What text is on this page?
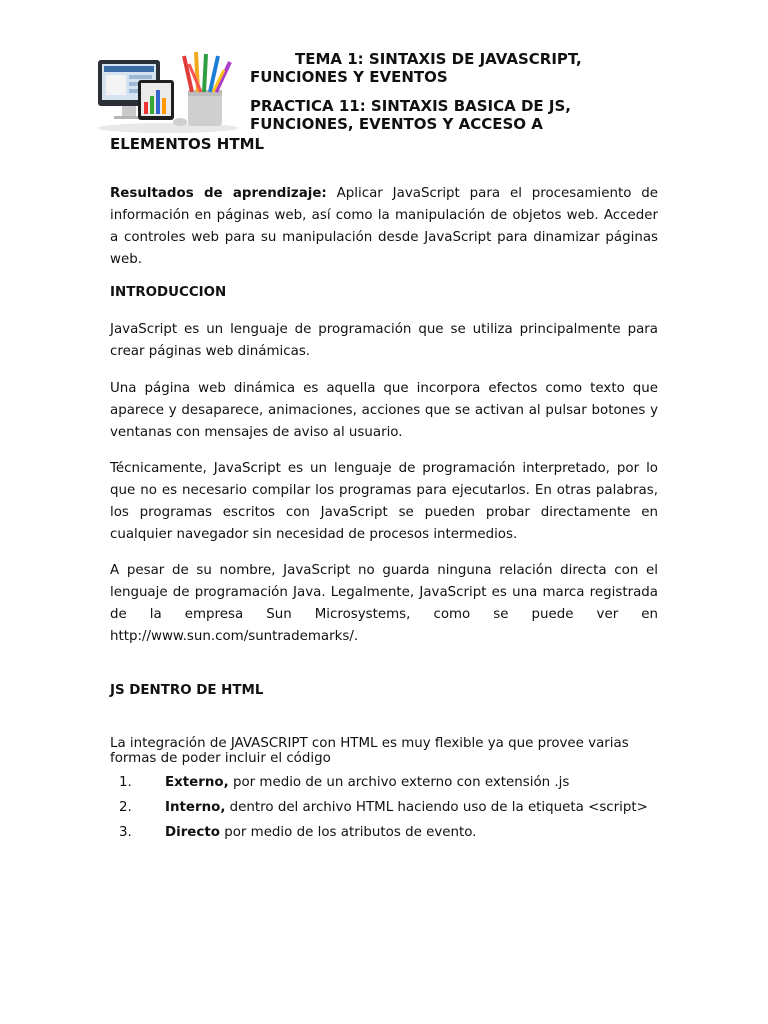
TEMA 1: SINTAXIS DE JAVASCRIPT,
FUNCIONES Y EVENTOS
PRACTICA 11: SINTAXIS BASICA DE JS,
FUNCIONES, EVENTOS Y ACCESO A
ELEMENTOS HTML
Resultados de aprendizaje: Aplicar JavaScript para el procesamiento de información en páginas web, así como la manipulación de objetos web. Acceder a controles web para su manipulación desde JavaScript para dinamizar páginas web.
INTRODUCCION
JavaScript es un lenguaje de programación que se utiliza principalmente para crear páginas web dinámicas.
Una página web dinámica es aquella que incorpora efectos como texto que aparece y desaparece, animaciones, acciones que se activan al pulsar botones y ventanas con mensajes de aviso al usuario.
Técnicamente, JavaScript es un lenguaje de programación interpretado, por lo que no es necesario compilar los programas para ejecutarlos. En otras palabras, los programas escritos con JavaScript se pueden probar directamente en cualquier navegador sin necesidad de procesos intermedios.
A pesar de su nombre, JavaScript no guarda ninguna relación directa con el lenguaje de programación Java. Legalmente, JavaScript es una marca registrada de la empresa Sun Microsystems, como se puede ver en http://www.sun.com/suntrademarks/.
JS DENTRO DE HTML
La integración de JAVASCRIPT con HTML es muy flexible ya que provee varias formas de poder incluir el código
1. Externo, por medio de un archivo externo con extensión .js
2. Interno, dentro del archivo HTML haciendo uso de la etiqueta <script>
3. Directo por medio de los atributos de evento.
